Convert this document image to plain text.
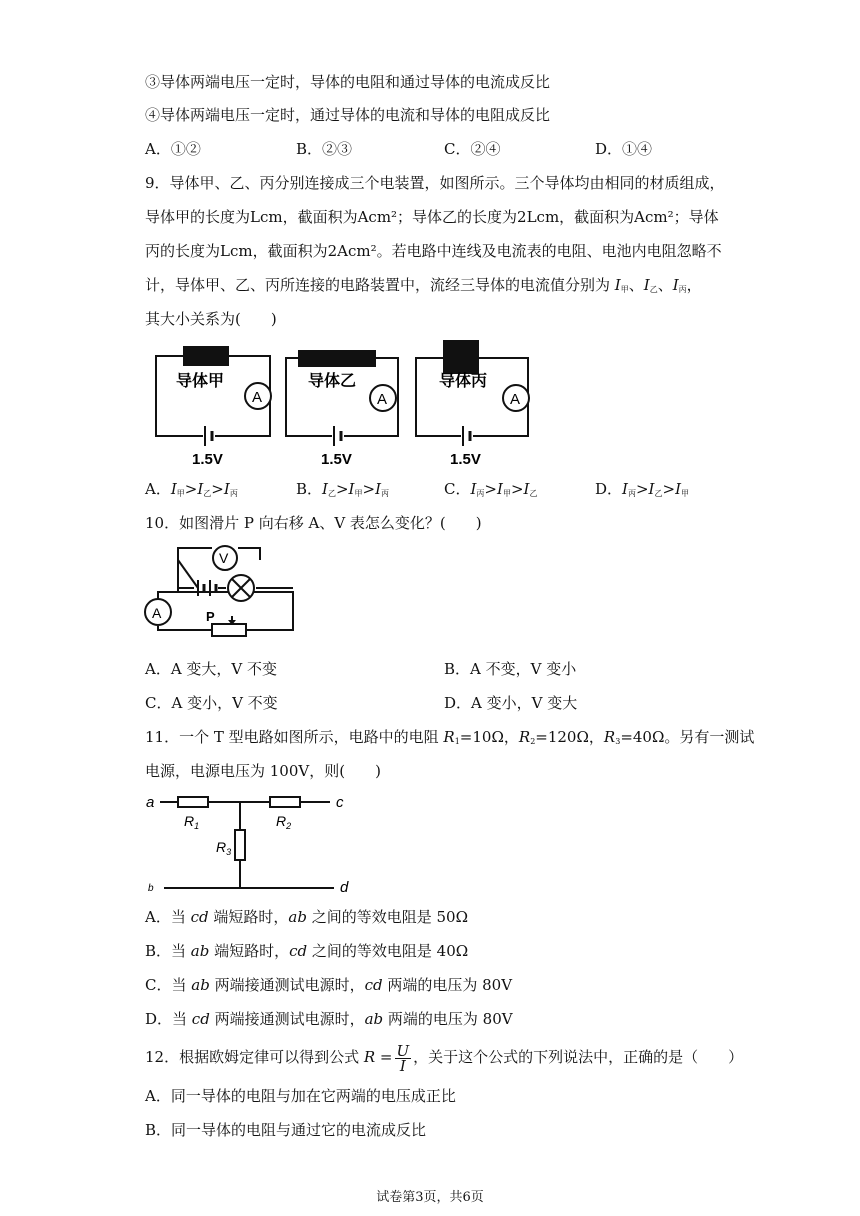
③导体两端电压一定时，导体的电阻和通过导体的电流成反比
④导体两端电压一定时，通过导体的电流和导体的电阻成反比
A．①②	B．②③	C．②④	D．①④
9．导体甲、乙、丙分别连接成三个电装置，如图所示。三个导体均由相同的材质组成，
导体甲的长度为Lcm，截面积为Acm²；导体乙的长度为2Lcm，截面积为Acm²；导体
丙的长度为Lcm，截面积为2Acm²。若电路中连线及电流表的电阻、电池内电阻忽略不
计，导体甲、乙、丙所连接的电路装置中，流经三导体的电流值分别为 $I_甲$、$I_乙$、$I_丙$，
其大小关系为(　　)
导体甲	导体乙	导体丙
A	A	A
1.5V	1.5V	1.5V
A．$I_甲>I_乙>I_丙$	B．$I_乙>I_甲>I_丙$	C．$I_丙>I_甲>I_乙$	D．$I_丙>I_乙>I_甲$
10．如图滑片 P 向右移 A、V 表怎么变化？(　　)
V
A	P
A．A 变大，V 不变	B．A 不变，V 变小
C．A 变小，V 不变	D．A 变小，V 变大
11．一个 T 型电路如图所示，电路中的电阻 $R_1=10\Omega$，$R_2=120\Omega$，$R_3=40\Omega$。另有一测试
电源，电源电压为 100V，则(　　)
a	c
b	d
$R_1$	$R_2$
$R_3$
A．当 cd 端短路时，ab 之间的等效电阻是 50Ω
B．当 ab 端短路时，cd 之间的等效电阻是 40Ω
C．当 ab 两端接通测试电源时，cd 两端的电压为 80V
D．当 cd 两端接通测试电源时，ab 两端的电压为 80V
12．根据欧姆定律可以得到公式 $R = \frac{U}{I}$ ，关于这个公式的下列说法中，正确的是（　　）
A．同一导体的电阻与加在它两端的电压成正比
B．同一导体的电阻与通过它的电流成反比
试卷第3页，共6页
